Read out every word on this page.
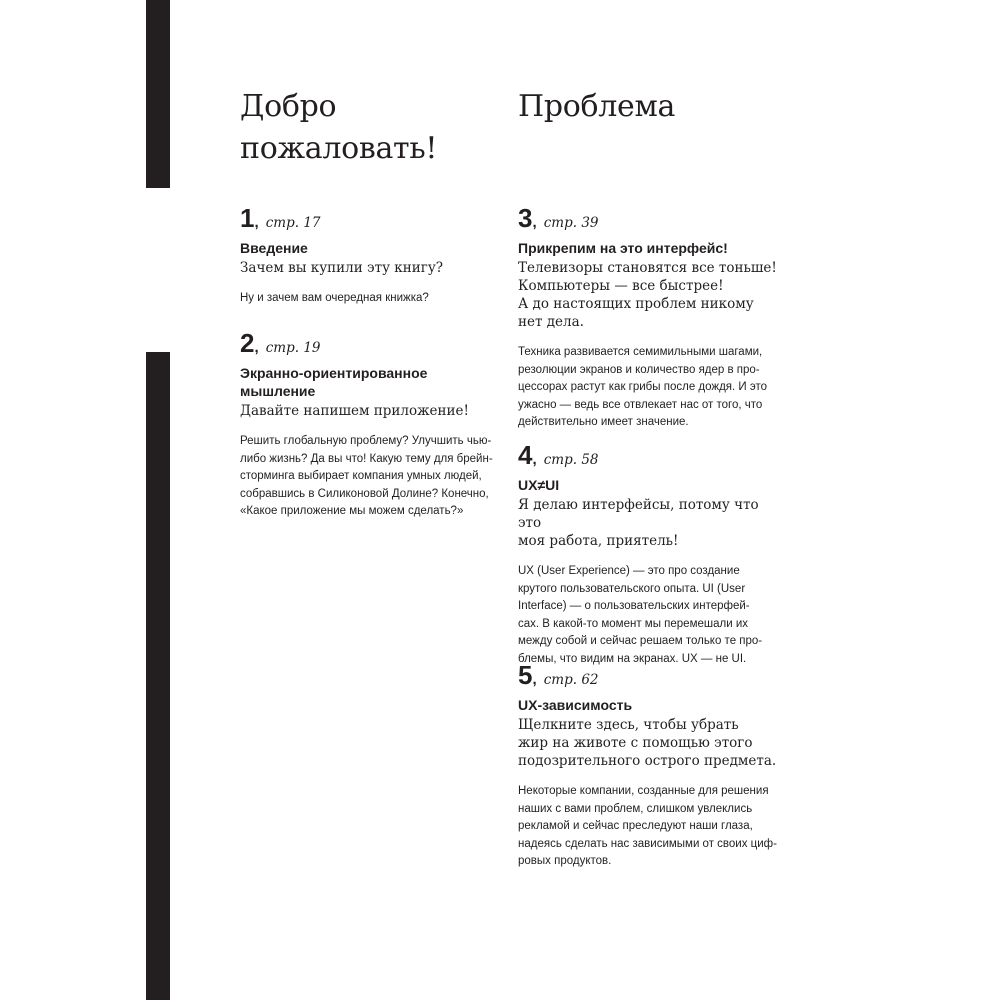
Добро
пожаловать!
1, стр. 17

Введение

Зачем вы купили эту книгу?

Ну и зачем вам очередная книжка?

2, стр. 19

Экранно-ориентированное мышление

Давайте напишем приложение!

Решить глобальную проблему? Улучшить чью-
либо жизнь? Да вы что! Какую тему для брейн-
сторминга выбирает компания умных людей,
собравшись в Силиконовой Долине? Конечно,
«Какое приложение мы можем сделать?»

Проблема
3, стр. 39

Прикрепим на это интерфейс!

Телевизоры становятся все тоньше!
Компьютеры — все быстрее!
А до настоящих проблем никому
нет дела.

Техника развивается семимильными шагами,
резолюции экранов и количество ядер в про-
цессорах растут как грибы после дождя. И это
ужасно — ведь все отвлекает нас от того, что
действительно имеет значение.

4, стр. 58

UX≠UI

Я делаю интерфейсы, потому что это
моя работа, приятель!

UX (User Experience) — это про создание
крутого пользовательского опыта. UI (User
Interface) — о пользовательских интерфей-
сах. В какой-то момент мы перемешали их
между собой и сейчас решаем только те про-
блемы, что видим на экранах. UX — не UI.

5, стр. 62

UX-зависимость

Щелкните здесь, чтобы убрать
жир на животе с помощью этого
подозрительного острого предмета.

Некоторые компании, созданные для решения
наших с вами проблем, слишком увлеклись
рекламой и сейчас преследуют наши глаза,
надеясь сделать нас зависимыми от своих циф-
ровых продуктов.
